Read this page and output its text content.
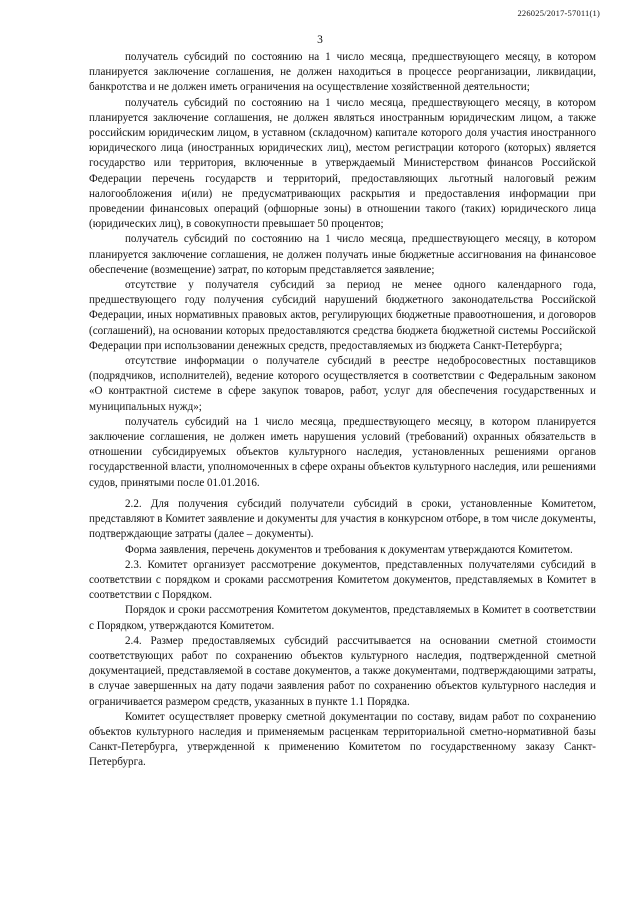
226025/2017-57011(1)
3

получатель субсидий по состоянию на 1 число месяца, предшествующего месяцу, в котором планируется заключение соглашения, не должен находиться в процессе реорганизации, ликвидации, банкротства и не должен иметь ограничения на осуществление хозяйственной деятельности;

получатель субсидий по состоянию на 1 число месяца, предшествующего месяцу, в котором планируется заключение соглашения, не должен являться иностранным юридическим лицом, а также российским юридическим лицом, в уставном (складочном) капитале которого доля участия иностранного юридического лица (иностранных юридических лиц), местом регистрации которого (которых) является государство или территория, включенные в утверждаемый Министерством финансов Российской Федерации перечень государств и территорий, предоставляющих льготный налоговый режим налогообложения и(или) не предусматривающих раскрытия и предоставления информации при проведении финансовых операций (офшорные зоны) в отношении такого (таких) юридического лица (юридических лиц), в совокупности превышает 50 процентов;

получатель субсидий по состоянию на 1 число месяца, предшествующего месяцу, в котором планируется заключение соглашения, не должен получать иные бюджетные ассигнования на финансовое обеспечение (возмещение) затрат, по которым представляется заявление;

отсутствие у получателя субсидий за период не менее одного календарного года, предшествующего году получения субсидий нарушений бюджетного законодательства Российской Федерации, иных нормативных правовых актов, регулирующих бюджетные правоотношения, и договоров (соглашений), на основании которых предоставляются средства бюджета бюджетной системы Российской Федерации при использовании денежных средств, предоставляемых из бюджета Санкт-Петербурга;

отсутствие информации о получателе субсидий в реестре недобросовестных поставщиков (подрядчиков, исполнителей), ведение которого осуществляется в соответствии с Федеральным законом «О контрактной системе в сфере закупок товаров, работ, услуг для обеспечения государственных и муниципальных нужд»;

получатель субсидий на 1 число месяца, предшествующего месяцу, в котором планируется заключение соглашения, не должен иметь нарушения условий (требований) охранных обязательств в отношении субсидируемых объектов культурного наследия, установленных решениями органов государственной власти, уполномоченных в сфере охраны объектов культурного наследия, или решениями судов, принятыми после 01.01.2016.

2.2. Для получения субсидий получатели субсидий в сроки, установленные Комитетом, представляют в Комитет заявление и документы для участия в конкурсном отборе, в том числе документы, подтверждающие затраты (далее – документы).

Форма заявления, перечень документов и требования к документам утверждаются Комитетом.

2.3. Комитет организует рассмотрение документов, представленных получателями субсидий в соответствии с порядком и сроками рассмотрения Комитетом документов, представляемых в Комитет в соответствии с Порядком.

Порядок и сроки рассмотрения Комитетом документов, представляемых в Комитет в соответствии с Порядком, утверждаются Комитетом.

2.4. Размер предоставляемых субсидий рассчитывается на основании сметной стоимости соответствующих работ по сохранению объектов культурного наследия, подтвержденной сметной документацией, представляемой в составе документов, а также документами, подтверждающими затраты, в случае завершенных на дату подачи заявления работ по сохранению объектов культурного наследия и ограничивается размером средств, указанных в пункте 1.1 Порядка.

Комитет осуществляет проверку сметной документации по составу, видам работ по сохранению объектов культурного наследия и применяемым расценкам территориальной сметно-нормативной базы Санкт-Петербурга, утвержденной к применению Комитетом по государственному заказу Санкт-Петербурга.
